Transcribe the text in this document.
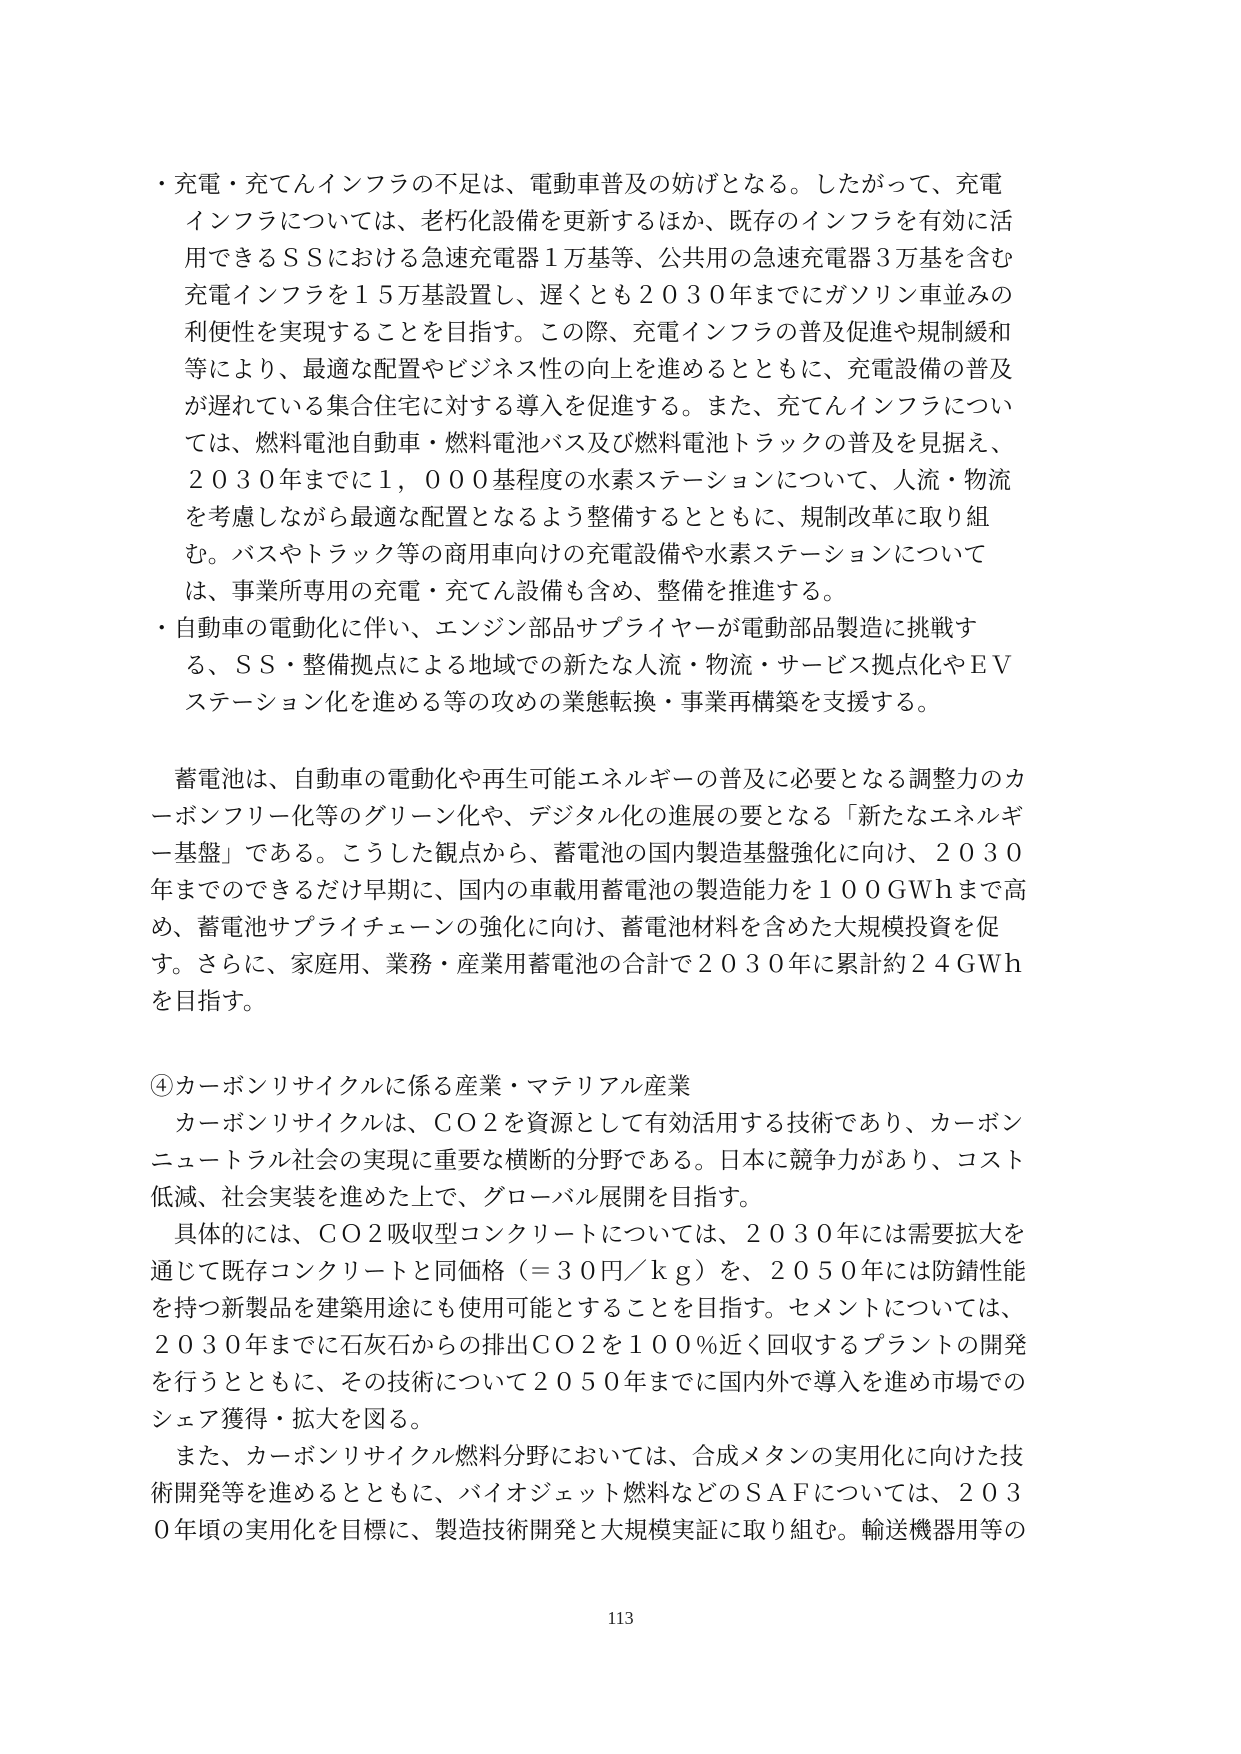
・充電・充てんインフラの不足は、電動車普及の妨げとなる。したがって、充電
インフラについては、老朽化設備を更新するほか、既存のインフラを有効に活
用できるＳＳにおける急速充電器１万基等、公共用の急速充電器３万基を含む
充電インフラを１５万基設置し、遅くとも２０３０年までにガソリン車並みの
利便性を実現することを目指す。この際、充電インフラの普及促進や規制緩和
等により、最適な配置やビジネス性の向上を進めるとともに、充電設備の普及
が遅れている集合住宅に対する導入を促進する。また、充てんインフラについ
ては、燃料電池自動車・燃料電池バス及び燃料電池トラックの普及を見据え、
２０３０年までに１，０００基程度の水素ステーションについて、人流・物流
を考慮しながら最適な配置となるよう整備するとともに、規制改革に取り組
む。バスやトラック等の商用車向けの充電設備や水素ステーションについて
は、事業所専用の充電・充てん設備も含め、整備を推進する。
・自動車の電動化に伴い、エンジン部品サプライヤーが電動部品製造に挑戦す
る、ＳＳ・整備拠点による地域での新たな人流・物流・サービス拠点化やＥＶ
ステーション化を進める等の攻めの業態転換・事業再構築を支援する。
　蓄電池は、自動車の電動化や再生可能エネルギーの普及に必要となる調整力のカ
ーボンフリー化等のグリーン化や、デジタル化の進展の要となる「新たなエネルギ
ー基盤」である。こうした観点から、蓄電池の国内製造基盤強化に向け、２０３０
年までのできるだけ早期に、国内の車載用蓄電池の製造能力を１００ＧＷｈまで高
め、蓄電池サプライチェーンの強化に向け、蓄電池材料を含めた大規模投資を促
す。さらに、家庭用、業務・産業用蓄電池の合計で２０３０年に累計約２４ＧＷｈ
を目指す。
④カーボンリサイクルに係る産業・マテリアル産業
　カーボンリサイクルは、ＣＯ２を資源として有効活用する技術であり、カーボン
ニュートラル社会の実現に重要な横断的分野である。日本に競争力があり、コスト
低減、社会実装を進めた上で、グローバル展開を目指す。
　具体的には、ＣＯ２吸収型コンクリートについては、２０３０年には需要拡大を
通じて既存コンクリートと同価格（＝３０円／ｋｇ）を、２０５０年には防錆性能
を持つ新製品を建築用途にも使用可能とすることを目指す。セメントについては、
２０３０年までに石灰石からの排出ＣＯ２を１００％近く回収するプラントの開発
を行うとともに、その技術について２０５０年までに国内外で導入を進め市場での
シェア獲得・拡大を図る。
　また、カーボンリサイクル燃料分野においては、合成メタンの実用化に向けた技
術開発等を進めるとともに、バイオジェット燃料などのＳＡＦについては、２０３
０年頃の実用化を目標に、製造技術開発と大規模実証に取り組む。輸送機器用等の
113
